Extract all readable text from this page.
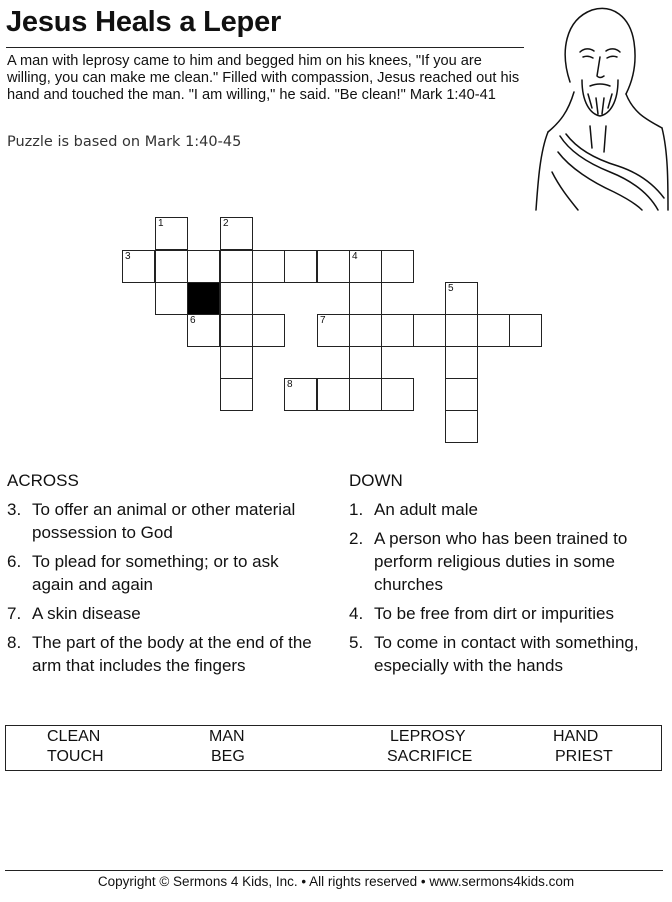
Jesus Heals a Leper

A man with leprosy came to him and begged him on his knees, "If you are willing, you can make me clean." Filled with compassion, Jesus reached out his hand and touched the man. "I am willing," he said. "Be clean!" Mark 1:40-41

Puzzle is based on Mark 1:40-45
1	2
3	4
5
6	7
8
ACROSS
3. To offer an animal or other material possession to God
6. To plead for something; or to ask again and again
7. A skin disease
8. The part of the body at the end of the arm that includes the fingers
DOWN
1. An adult male
2. A person who has been trained to perform religious duties in some churches
4. To be free from dirt or impurities
5. To come in contact with something, especially with the hands
CLEAN	MAN	LEPROSY	HAND
TOUCH	BEG	SACRIFICE	PRIEST
Copyright © Sermons 4 Kids, Inc. • All rights reserved • www.sermons4kids.com
